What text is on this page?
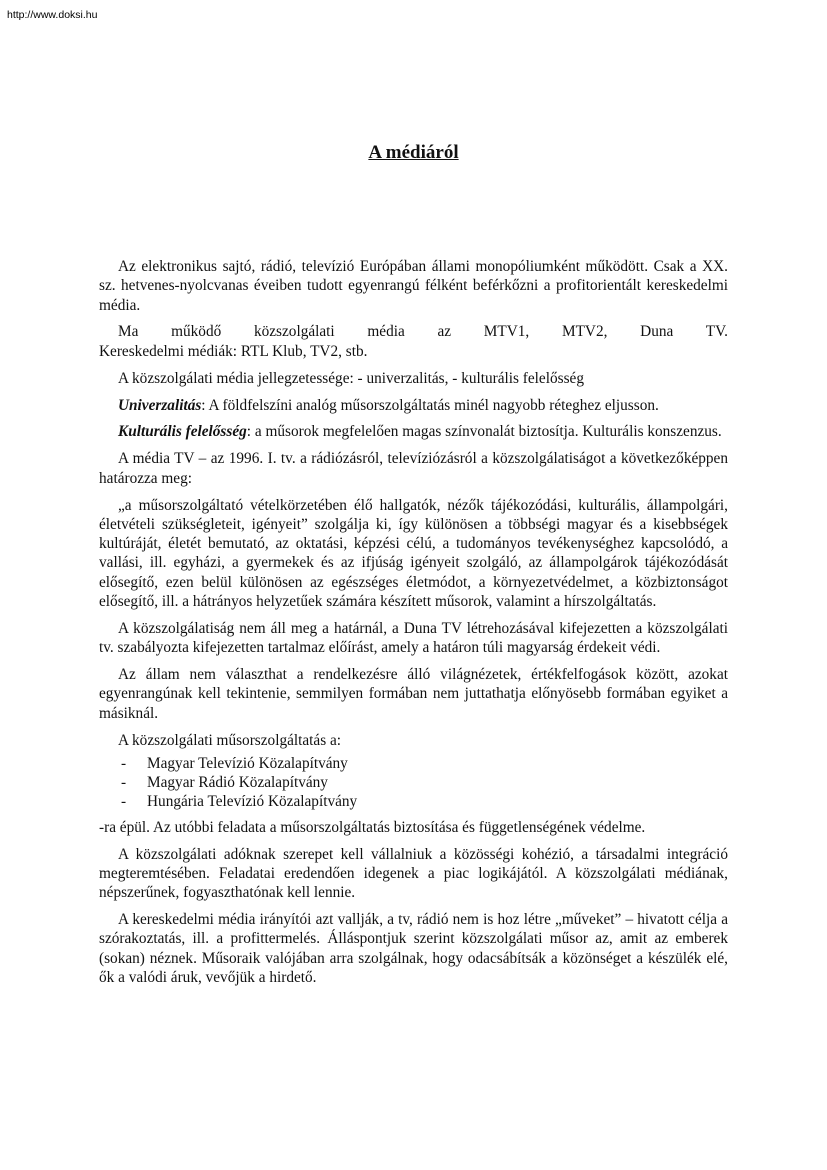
http://www.doksi.hu
A médiáról

Az elektronikus sajtó, rádió, televízió Európában állami monopóliumként működött. Csak a XX. sz. hetvenes-nyolcvanas éveiben tudott egyenrangú félként beférkőzni a profitorientált kereskedelmi média.

Ma működő közszolgálati média az MTV1, MTV2, Duna TV.
Kereskedelmi médiák: RTL Klub, TV2, stb.

A közszolgálati média jellegzetessége: - univerzalitás, - kulturális felelősség

Univerzalitás: A földfelszíni analóg műsorszolgáltatás minél nagyobb réteghez eljusson.

Kulturális felelősség: a műsorok megfelelően magas színvonalát biztosítja. Kulturális konszenzus.

A média TV – az 1996. I. tv. a rádiózásról, televíziózásról a közszolgálatiságot a következőképpen határozza meg:

„a műsorszolgáltató vételkörzetében élő hallgatók, nézők tájékozódási, kulturális, állampolgári, életvételi szükségleteit, igényeit” szolgálja ki, így különösen a többségi magyar és a kisebbségek kultúráját, életét bemutató, az oktatási, képzési célú, a tudományos tevékenységhez kapcsolódó, a vallási, ill. egyházi, a gyermekek és az ifjúság igényeit szolgáló, az állampolgárok tájékozódását elősegítő, ezen belül különösen az egészséges életmódot, a környezetvédelmet, a közbiztonságot elősegítő, ill. a hátrányos helyzetűek számára készített műsorok, valamint a hírszolgáltatás.

A közszolgálatiság nem áll meg a határnál, a Duna TV létrehozásával kifejezetten a közszolgálati tv. szabályozta kifejezetten tartalmaz előírást, amely a határon túli magyarság érdekeit védi.

Az állam nem választhat a rendelkezésre álló világnézetek, értékfelfogások között, azokat egyenrangúnak kell tekintenie, semmilyen formában nem juttathatja előnyösebb formában egyiket a másiknál.

A közszolgálati műsorszolgáltatás a:

- Magyar Televízió Közalapítvány
- Magyar Rádió Közalapítvány
- Hungária Televízió Közalapítvány

-ra épül. Az utóbbi feladata a műsorszolgáltatás biztosítása és függetlenségének védelme.

A közszolgálati adóknak szerepet kell vállalniuk a közösségi kohézió, a társadalmi integráció megteremtésében. Feladatai eredendően idegenek a piac logikájától. A közszolgálati médiának, népszerűnek, fogyaszthatónak kell lennie.

A kereskedelmi média irányítói azt vallják, a tv, rádió nem is hoz létre „műveket” – hivatott célja a szórakoztatás, ill. a profittermelés. Álláspontjuk szerint közszolgálati műsor az, amit az emberek (sokan) néznek. Műsoraik valójában arra szolgálnak, hogy odacsábítsák a közönséget a készülék elé, ők a valódi áruk, vevőjük a hirdető.
